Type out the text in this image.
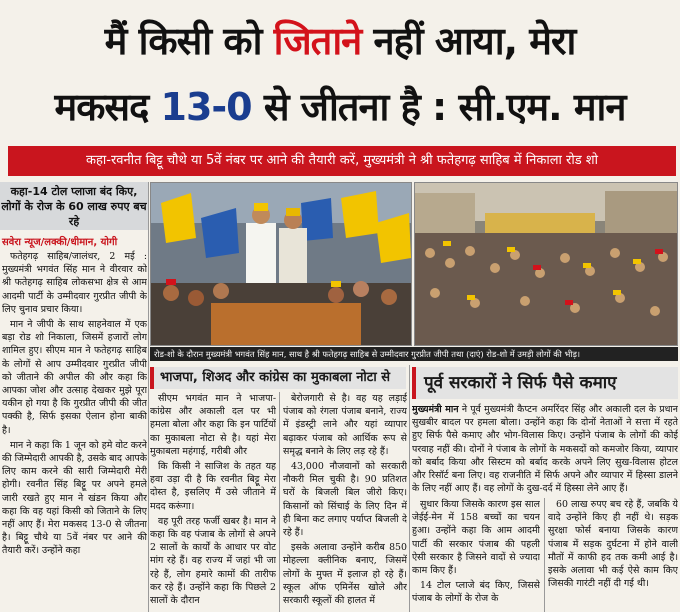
मैं किसी को जिताने नहीं आया, मेरा
मकसद 13-0 से जीतना है : सी.एम. मान
कहा-रवनीत बिट्टू चौथे या 5वें नंबर पर आने की तैयारी करें, मुख्यमंत्री ने श्री फतेहगढ़ साहिब में निकाला रोड शो
कहा-14 टोल प्लाजा बंद किए, लोगों के रोज के 60 लाख रुपए बच रहे
सवेरा न्यूज/लक्की/धीमान, योगी

फतेहगढ़ साहिब/जालंधर, 2 मई : मुख्यमंत्री भगवंत सिंह मान ने वीरवार को श्री फतेहगढ़ साहिब लोकसभा क्षेत्र से आम आदमी पार्टी के उम्मीदवार गुरप्रीत जीपी के लिए चुनाव प्रचार किया।

मान ने जीपी के साथ साहनेवाल में एक बड़ा रोड शो निकाला, जिसमें हजारों लोग शामिल हुए। सीएम मान ने फतेहगढ़ साहिब के लोगों से आप उम्मीदवार गुरप्रीत जीपी को जीताने की अपील की और कहा कि आपका जोश और उत्साह देखकर मुझे पूरा यकीन हो गया है कि गुरप्रीत जीपी की जीत पक्की है, सिर्फ इसका ऐलान होना बाकी है।

मान ने कहा कि 1 जून को हमे वोट करने की जिम्मेदारी आपकी है, उसके बाद आपके लिए काम करने की सारी जिम्मेदारी मेरी होगी। रवनीत सिंह बिट्टू पर अपने हमले जारी रखते हुए मान ने खंडन किया और कहा कि वह यहां किसी को जिताने के लिए नहीं आए हैं। मेरा मकसद 13-0 से जीतना है। बिट्टू चौथे या 5वें नंबर पर आने की तैयारी करें। उन्होंने कहा

रोड-शो के दौरान मुख्यमंत्री भगवंत सिंह मान, साथ है श्री फतेहगढ़ साहिब से उम्मीदवार गुरप्रीत जीपी तथा (दाएं) रोड-शो में उमड़ी लोगों की भीड़।
भाजपा, शिअद और कांग्रेस का मुकाबला नोटा से

सीएम भगवंत मान ने भाजपा-कांग्रेस और अकाली दल पर भी हमला बोला और कहा कि इन पार्टियों का मुकाबला नोटा से है। यहां मेरा मुकाबला महंगाई, गरीबी और

कि किसी ने साजिश के तहत यह हवा उड़ा दी है कि रवनीत बिट्टू मेरा दोस्त है, इसलिए मैं उसे जीताने में मदद करूंगा।

वह पूरी तरह फर्जी खबर है। मान ने कहा कि वह पंजाब के लोगों से अपने 2 सालों के कार्यों के आधार पर वोट मांग रहे हैं। वह राज्य में जहां भी जा रहे हैं, लोग हमारे कामों की तारीफ कर रहे हैं। उन्होंने कहा कि पिछले 2 सालों के दौरान

बेरोजगारी से है। वह यह लड़ाई पंजाब को रंगला पंजाब बनाने, राज्य में इंडस्ट्री लाने और यहां व्यापार बढ़ाकर पंजाब को आर्थिक रूप से समृद्ध बनाने के लिए लड़ रहे हैं।

43,000 नौजवानों को सरकारी नौकरी मिल चुकी है। 90 प्रतिशत घरों के बिजली बिल जीरो किए। किसानों को सिंचाई के लिए दिन में ही बिना कट लगाए पर्याप्त बिजली दे रहे हैं।

इसके अलावा उन्होंने करीब 850 मोहल्ला क्लीनिक बनाए, जिसमें लोगों के मुफ्त में इलाज हो रहे हैं। स्कूल ऑफ एमिनेंस खोले और सरकारी स्कूलों की हालत में

पूर्व सरकारों ने सिर्फ पैसे कमाए

मुख्यमंत्री मान ने पूर्व मुख्यमंत्री कैप्टन अमरिंदर सिंह और अकाली दल के प्रधान सुखबीर बादल पर हमला बोला। उन्होंने कहा कि दोनों नेताओं ने सत्ता में रहते हुए सिर्फ पैसे कमाए और भोग-विलास किए। उन्होंने पंजाब के लोगों की कोई परवाह नहीं की। दोनों ने पंजाब के लोगों के मकसदों को कमजोर किया, व्यापार को बर्बाद किया और सिस्टम को बर्बाद करके अपने लिए सुख-विलास होटल और रिसॉर्ट बना लिए। वह राजनीति में सिर्फ अपने और व्यापार में हिस्सा डालने के लिए नहीं आए हैं। वह लोगों के दुख-दर्द में हिस्सा लेने आए हैं।

सुधार किया जिसके कारण इस साल जेईई-मेन में 158 बच्चों का चयन हुआ। उन्होंने कहा कि आम आदमी पार्टी की सरकार पंजाब की पहली ऐसी सरकार है जिसने वादों से ज्यादा काम किए हैं।

14 टोल प्लाजे बंद किए, जिससे पंजाब के लोगों के रोज के

60 लाख रुपए बच रहे हैं, जबकि ये वादे उन्होंने किए ही नहीं थे। सड़क सुरक्षा फोर्स बनाया जिसके कारण पंजाब में सड़क दुर्घटना में होने वाली मौतों में काफी हद तक कमी आई है। इसके अलावा भी कई ऐसे काम किए जिसकी गारंटी नहीं दी गई थी।
